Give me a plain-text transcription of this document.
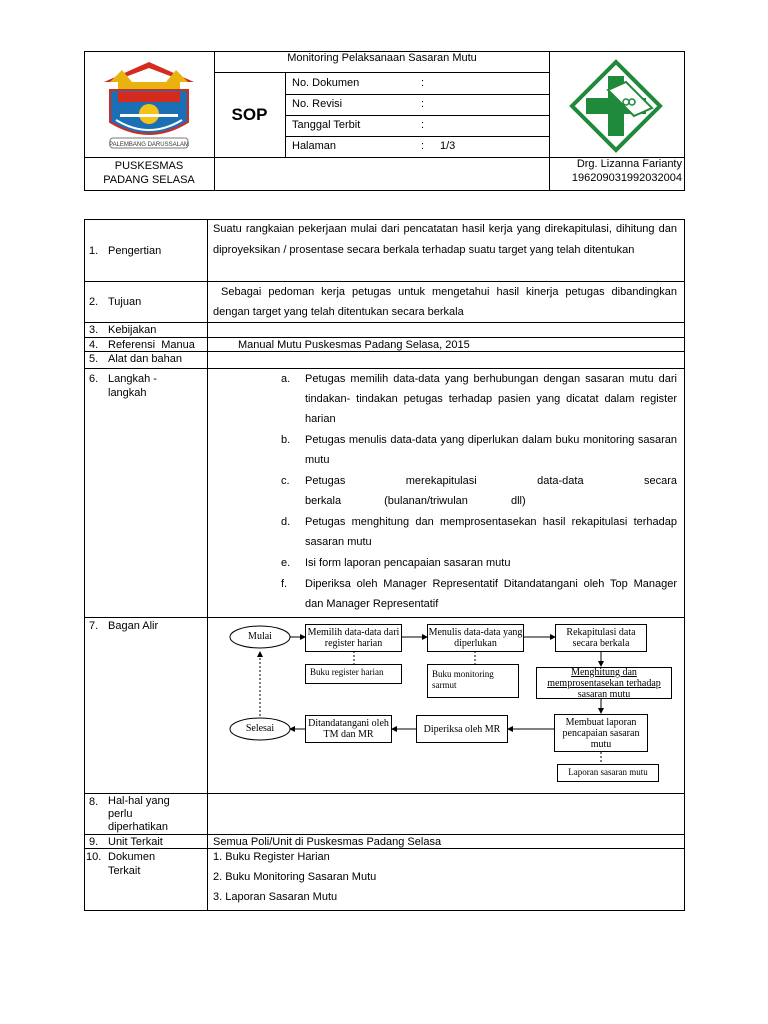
Monitoring Pelaksanaan Sasaran Mutu
SOP
No. Dokumen	:
No. Revisi	:
Tanggal Terbit	:
Halaman	: 1/3
PUSKESMAS
PADANG SELASA
Drg. Lizanna Farianty
196209031992032004
PALEMBANG DARUSSALAM
1. Pengertian
Suatu rangkaian pekerjaan mulai dari pencatatan hasil kerja yang direkapitulasi, dihitung dan diproyeksikan / prosentase secara berkala terhadap suatu target yang telah ditentukan
2. Tujuan
Sebagai pedoman kerja petugas untuk mengetahui hasil kinerja petugas dibandingkan dengan target yang telah ditentukan secara berkala
3. Kebijakan
4. Referensi Manua	Manual Mutu Puskesmas Padang Selasa, 2015
5. Alat dan bahan
6. Langkah -
langkah
a. Petugas memilih data-data yang berhubungan dengan sasaran mutu dari tindakan- tindakan petugas terhadap pasien yang dicatat dalam register harian
b. Petugas menulis data-data yang diperlukan dalam buku monitoring sasaran mutu
c. Petugas merekapitulasi data-data secara berkala (bulanan/triwulan dll)
d. Petugas menghitung dan memprosentasekan hasil rekapitulasi terhadap sasaran mutu
e. Isi form laporan pencapaian sasaran mutu
f. Diperiksa oleh Manager Representatif Ditandatangani oleh Top Manager dan Manager Representatif
7. Bagan Alir
8. Hal-hal yang
perlu
diperhatikan
9. Unit Terkait	Semua Poli/Unit di Puskesmas Padang Selasa
10. Dokumen
Terkait
1. Buku Register Harian
2. Buku Monitoring Sasaran Mutu
3. Laporan Sasaran Mutu
Mulai
Selesai
Memilih data-data dari register harian
Menulis data-data yang diperlukan
Rekapitulasi data secara berkala
Menghitung dan memprosentasekan terhadap sasaran mutu
Membuat laporan pencapaian sasaran mutu
Diperiksa oleh MR
Ditandatangani oleh TM dan MR
Buku register harian	Buku monitoring sarmut
Laporan sasaran mutu
